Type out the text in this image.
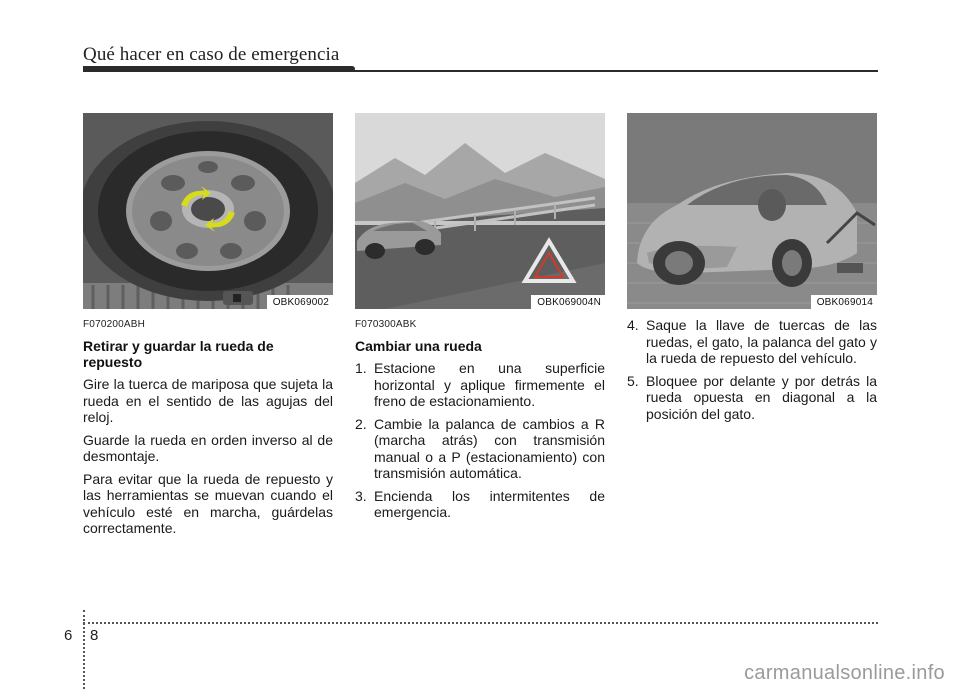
Qué hacer en caso de emergencia
OBK069002
F070200ABH
Retirar y guardar la rueda de repuesto

Gire la tuerca de mariposa que sujeta la rueda en el sentido de las agujas del reloj.

Guarde la rueda en orden inverso al de desmontaje.

Para evitar que la rueda de repuesto y las herramientas se muevan cuando el vehículo esté en marcha, guárdelas correctamente.

OBK069004N
F070300ABK
Cambiar una rueda
1. Estacione en una superficie horizontal y aplique firmemente el freno de estacionamiento.
2. Cambie la palanca de cambios a R (marcha atrás) con transmisión manual o a P (estacionamiento) con transmisión automática.
3. Encienda los intermitentes de emergencia.
OBK069014
4. Saque la llave de tuercas de las ruedas, el gato, la palanca del gato y la rueda de repuesto del vehículo.
5. Bloquee por delante y por detrás la rueda opuesta en diagonal a la posición del gato.
6 8
carmanualsonline.info
